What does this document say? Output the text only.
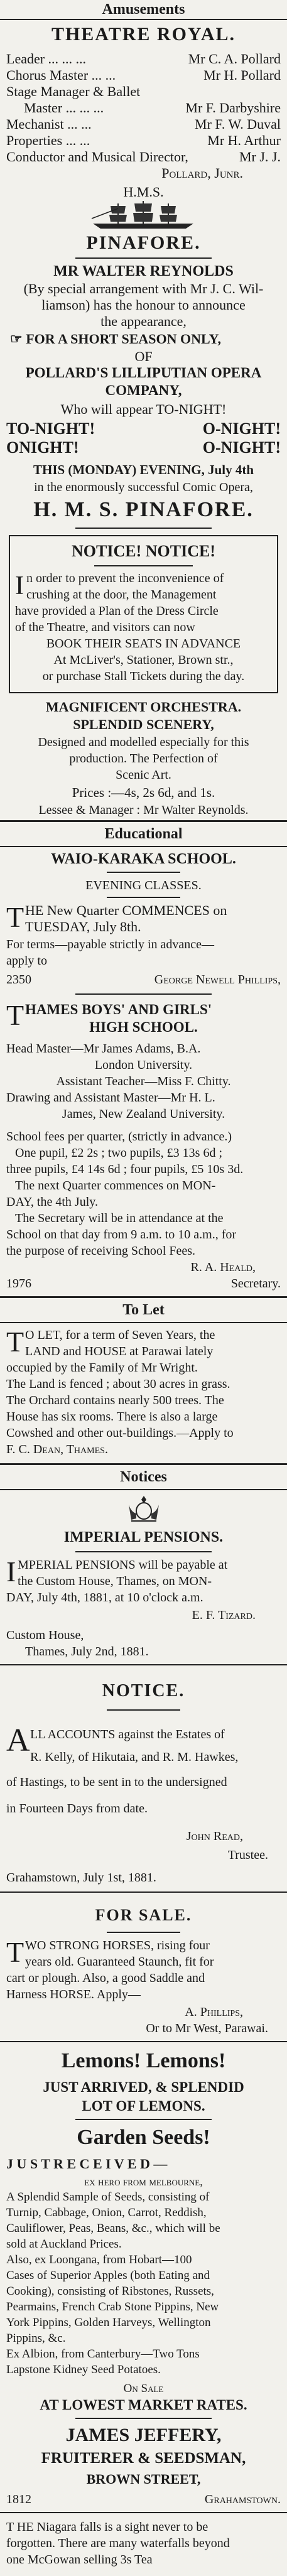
Amusements
THEATRE ROYAL.
Leader ... ... ...	Mr C. A. Pollard
Chorus Master ... ...	Mr H. Pollard
Stage Manager & Ballet
Master ... ... ...	Mr F. Darbyshire
Mechanist ... ...	Mr F. W. Duval
Properties ... ...	Mr H. Arthur
Conductor and Musical Director,	Mr J. J.
Pollard, Junr.
H.M.S.
PINAFORE.
MR WALTER REYNOLDS
(By special arrangement with Mr J. C. Wil-
liamson) has the honour to announce
the appearance,
☞ FOR A SHORT SEASON ONLY,
OF
POLLARD'S LILLIPUTIAN OPERA
COMPANY,
Who will appear TO-NIGHT!
TO-NIGHT!	O-NIGHT!
ONIGHT!	O-NIGHT!
THIS (MONDAY) EVENING, July 4th
in the enormously successful Comic Opera,
H. M. S. PINAFORE.
NOTICE! NOTICE!
I n order to prevent the inconvenience of
crushing at the door, the Management
have provided a Plan of the Dress Circle
of the Theatre, and visitors can now
BOOK THEIR SEATS IN ADVANCE
At McLiver's, Stationer, Brown str.,
or purchase Stall Tickets during the day.
MAGNIFICENT ORCHESTRA.
SPLENDID SCENERY,
Designed and modelled especially for this
production. The Perfection of
Scenic Art.
Prices :—4s, 2s 6d, and 1s.
Lessee & Manager : Mr Walter Reynolds.
Educational
WAIO-KARAKA SCHOOL.
EVENING CLASSES.
T HE New Quarter COMMENCES on
TUESDAY, July 8th.
For terms—payable strictly in advance—
apply to
2350	George Newell Phillips,
T HAMES BOYS' AND GIRLS'
HIGH SCHOOL.
Head Master—Mr James Adams, B.A.
London University.
Assistant Teacher—Miss F. Chitty.
Drawing and Assistant Master—Mr H. L.
James, New Zealand University.
School fees per quarter, (strictly in advance.)
One pupil, £2 2s ; two pupils, £3 13s 6d ;
three pupils, £4 14s 6d ; four pupils, £5 10s 3d.
The next Quarter commences on MON-
DAY, the 4th July.
The Secretary will be in attendance at the
School on that day from 9 a.m. to 10 a.m., for
the purpose of receiving School Fees.
R. A. Heald,
1976	Secretary.
To Let
T O LET, for a term of Seven Years, the
LAND and HOUSE at Parawai lately
occupied by the Family of Mr Wright.
The Land is fenced ; about 30 acres in grass.
The Orchard contains nearly 500 trees. The
House has six rooms. There is also a large
Cowshed and other out-buildings.—Apply to
F. C. Dean, Thames.
Notices
IMPERIAL PENSIONS.
I MPERIAL PENSIONS will be payable at
the Custom House, Thames, on MON-
DAY, July 4th, 1881, at 10 o'clock a.m.
E. F. Tizard.
Custom House,
Thames, July 2nd, 1881.
NOTICE.
A LL ACCOUNTS against the Estates of
R. Kelly, of Hikutaia, and R. M. Hawkes,
of Hastings, to be sent in to the undersigned
in Fourteen Days from date.
John Read,
Trustee.
Grahamstown, July 1st, 1881.
FOR SALE.
T WO STRONG HORSES, rising four
years old. Guaranteed Staunch, fit for
cart or plough. Also, a good Saddle and
Harness HORSE. Apply—
A. Phillips,
Or to Mr West, Parawai.
Lemons! Lemons!
JUST ARRIVED, & SPLENDID
LOT OF LEMONS.
Garden Seeds!
J U S T R E C E I V E D —
ex hero from melbourne,
A Splendid Sample of Seeds, consisting of
Turnip, Cabbage, Onion, Carrot, Reddish,
Cauliflower, Peas, Beans, &c., which will be
sold at Auckland Prices.
Also, ex Loongana, from Hobart—100
Cases of Superior Apples (both Eating and
Cooking), consisting of Ribstones, Russets,
Pearmains, French Crab Stone Pippins, New
York Pippins, Golden Harveys, Wellington
Pippins, &c.
Ex Albion, from Canterbury—Two Tons
Lapstone Kidney Seed Potatoes.
On Sale
AT LOWEST MARKET RATES.
JAMES JEFFERY,
FRUITERER & SEEDSMAN,
BROWN STREET,
1812	Grahamstown.
T HE Niagara falls is a sight never to be
forgotten. There are many waterfalls beyond
one McGowan selling 3s Tea
